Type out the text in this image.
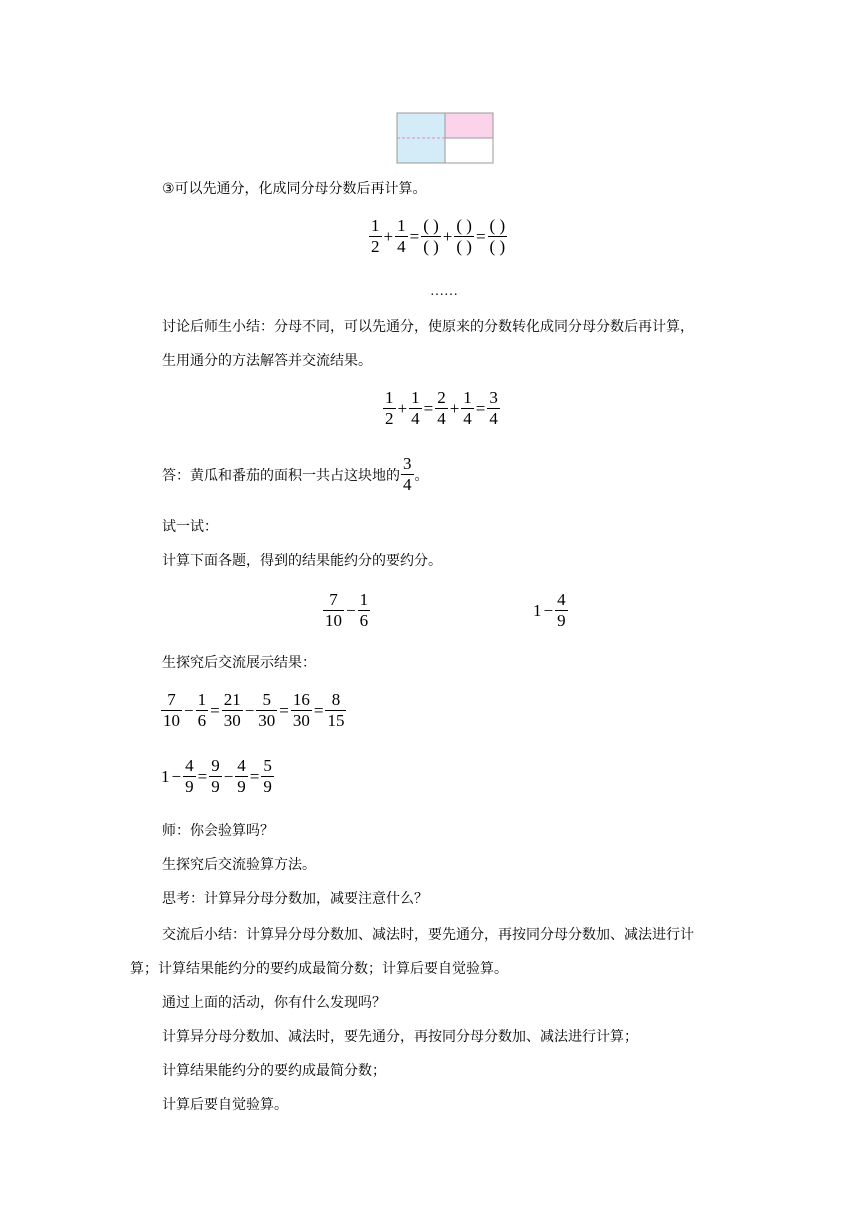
③可以先通分，化成同分母分数后再计算。
$\frac{1}{2} + \frac{1}{4} = \frac{( )}{( )} + \frac{( )}{( )} = \frac{( )}{( )}$
……
讨论后师生小结：分母不同，可以先通分，使原来的分数转化成同分母分数后再计算，
生用通分的方法解答并交流结果。
$\frac{1}{2} + \frac{1}{4} = \frac{2}{4} + \frac{1}{4} = \frac{3}{4}$
答：黄瓜和番茄的面积一共占这块地的 $\frac{3}{4}$ 。
试一试：
计算下面各题，得到的结果能约分的要约分。
$\frac{7}{10} - \frac{1}{6}$	$1 - \frac{4}{9}$
生探究后交流展示结果：
$\frac{7}{10} - \frac{1}{6} = \frac{21}{30} - \frac{5}{30} = \frac{16}{30} = \frac{8}{15}$
$1 - \frac{4}{9} = \frac{9}{9} - \frac{4}{9} = \frac{5}{9}$
师：你会验算吗？
生探究后交流验算方法。
思考：计算异分母分数加，减要注意什么？
交流后小结：计算异分母分数加、减法时，要先通分，再按同分母分数加、减法进行计
算；计算结果能约分的要约成最简分数；计算后要自觉验算。
通过上面的活动，你有什么发现吗？
计算异分母分数加、减法时，要先通分，再按同分母分数加、减法进行计算；
计算结果能约分的要约成最简分数；
计算后要自觉验算。
